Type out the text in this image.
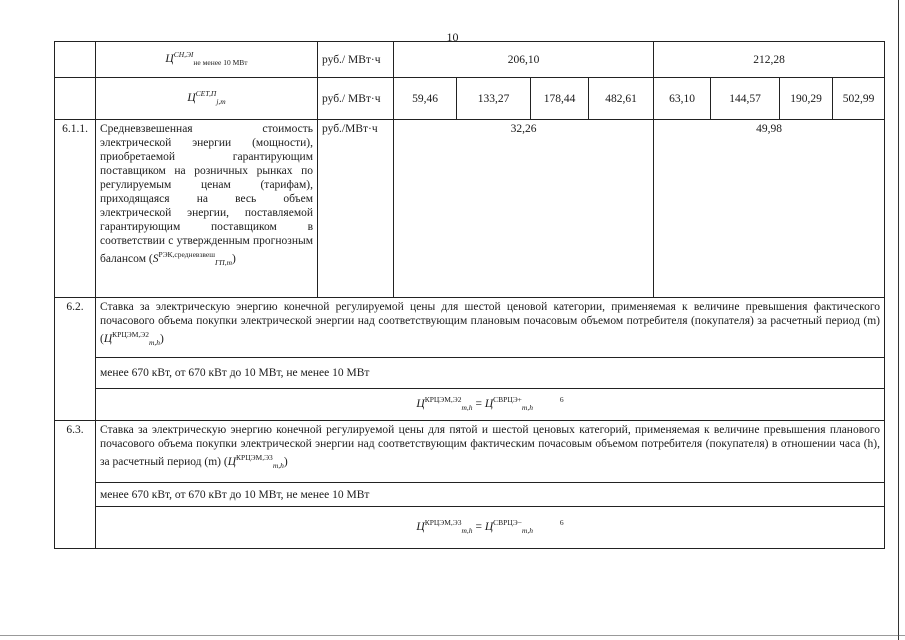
10
	$Ц^{СН,ЭI}_{не менее 10 МВт}$	руб./ МВт·ч	206,10				212,28			
	$Ц^{СЕТ,П}_{j,m}$	руб./ МВт·ч	59,46	133,27	178,44	482,61	63,10	144,57	190,29	502,99
6.1.1.	Средневзвешенная стоимость электрической энергии (мощности), приобретаемой гарантирующим поставщиком на розничных рынках по регулируемым ценам (тарифам), приходящаяся на весь объем электрической энергии, поставляемой гарантирующим поставщиком в соответствии с утвержденным прогнозным балансом $(S^{РЭК,средневзвеш}_{ГП,m})$	руб./МВт·ч	32,26				49,98			
6.2.	Ставка за электрическую энергию конечной регулируемой цены для шестой ценовой категории, применяемая к величине превышения фактического почасового объема покупки электрической энергии над соответствующим плановым почасовым объемом потребителя (покупателя) за расчетный период (m) $(Ц^{КРЦЭМ,Э2}_{m,h})$									
	менее 670 кВт, от 670 кВт до 10 МВт, не менее 10 МВт									
	$Ц^{КРЦЭМ,Э2}_{m,h} = Ц^{СВРЦЭ+}_{m,h}$ $^6$
6.3.	Ставка за электрическую энергию конечной регулируемой цены для пятой и шестой ценовых категорий, применяемая к величине превышения планового почасового объема покупки электрической энергии над соответствующим фактическим почасовым объемом потребителя (покупателя) в отношении часа (h), за расчетный период (m) $(Ц^{КРЦЭМ,Э3}_{m,h})$									
	менее 670 кВт, от 670 кВт до 10 МВт, не менее 10 МВт									
	$Ц^{КРЦЭМ,Э3}_{m,h} = Ц^{СВРЦЭ-}_{m,h}$ $^6$
